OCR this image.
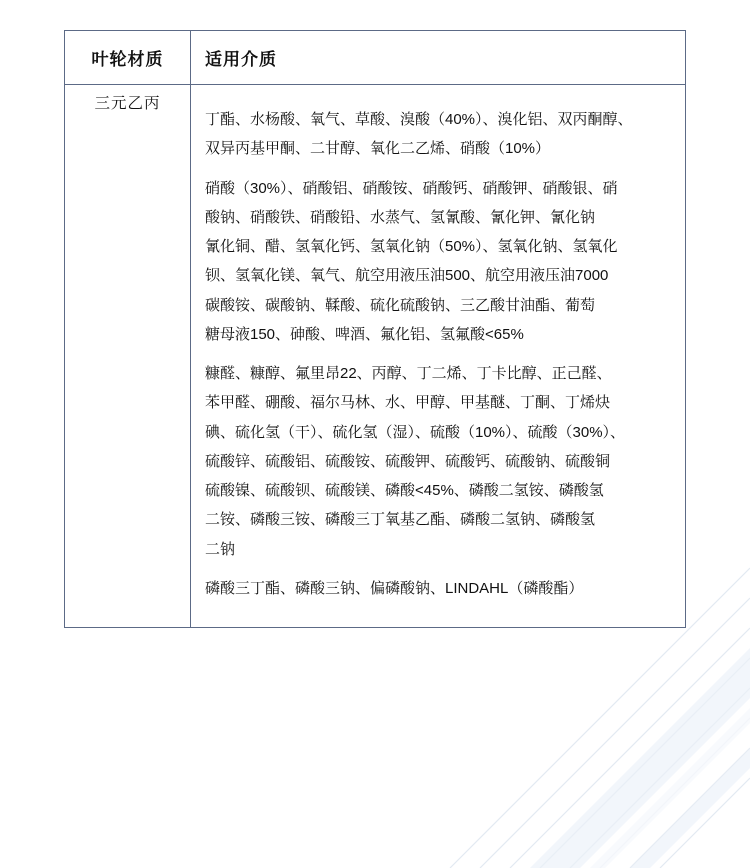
叶轮材质	适用介质
三元乙丙	
丁酯、水杨酸、氧气、草酸、溴酸（40%）、溴化铝、双丙酮醇、
双异丙基甲酮、二甘醇、氧化二乙烯、硝酸（10%）
硝酸（30%）、硝酸铝、硝酸铵、硝酸钙、硝酸钾、硝酸银、硝
酸钠、硝酸铁、硝酸铅、水蒸气、氢氰酸、氰化钾、氰化钠
氰化铜、醋、氢氧化钙、氢氧化钠（50%）、氢氧化钠、氢氧化
钡、氢氧化镁、氧气、航空用液压油500、航空用液压油7000
碳酸铵、碳酸钠、鞣酸、硫化硫酸钠、三乙酸甘油酯、葡萄
糖母液150、砷酸、啤酒、氟化铝、氢氟酸<65%
糠醛、糠醇、氟里昂22、丙醇、丁二烯、丁卡比醇、正己醛、
苯甲醛、硼酸、福尔马林、水、甲醇、甲基醚、丁酮、丁烯炔
碘、硫化氢（干）、硫化氢（湿）、硫酸（10%）、硫酸（30%）、
硫酸锌、硫酸铝、硫酸铵、硫酸钾、硫酸钙、硫酸钠、硫酸铜
硫酸镍、硫酸钡、硫酸镁、磷酸<45%、磷酸二氢铵、磷酸氢
二铵、磷酸三铵、磷酸三丁氧基乙酯、磷酸二氢钠、磷酸氢
二钠
磷酸三丁酯、磷酸三钠、偏磷酸钠、LINDAHL（磷酸酯）
